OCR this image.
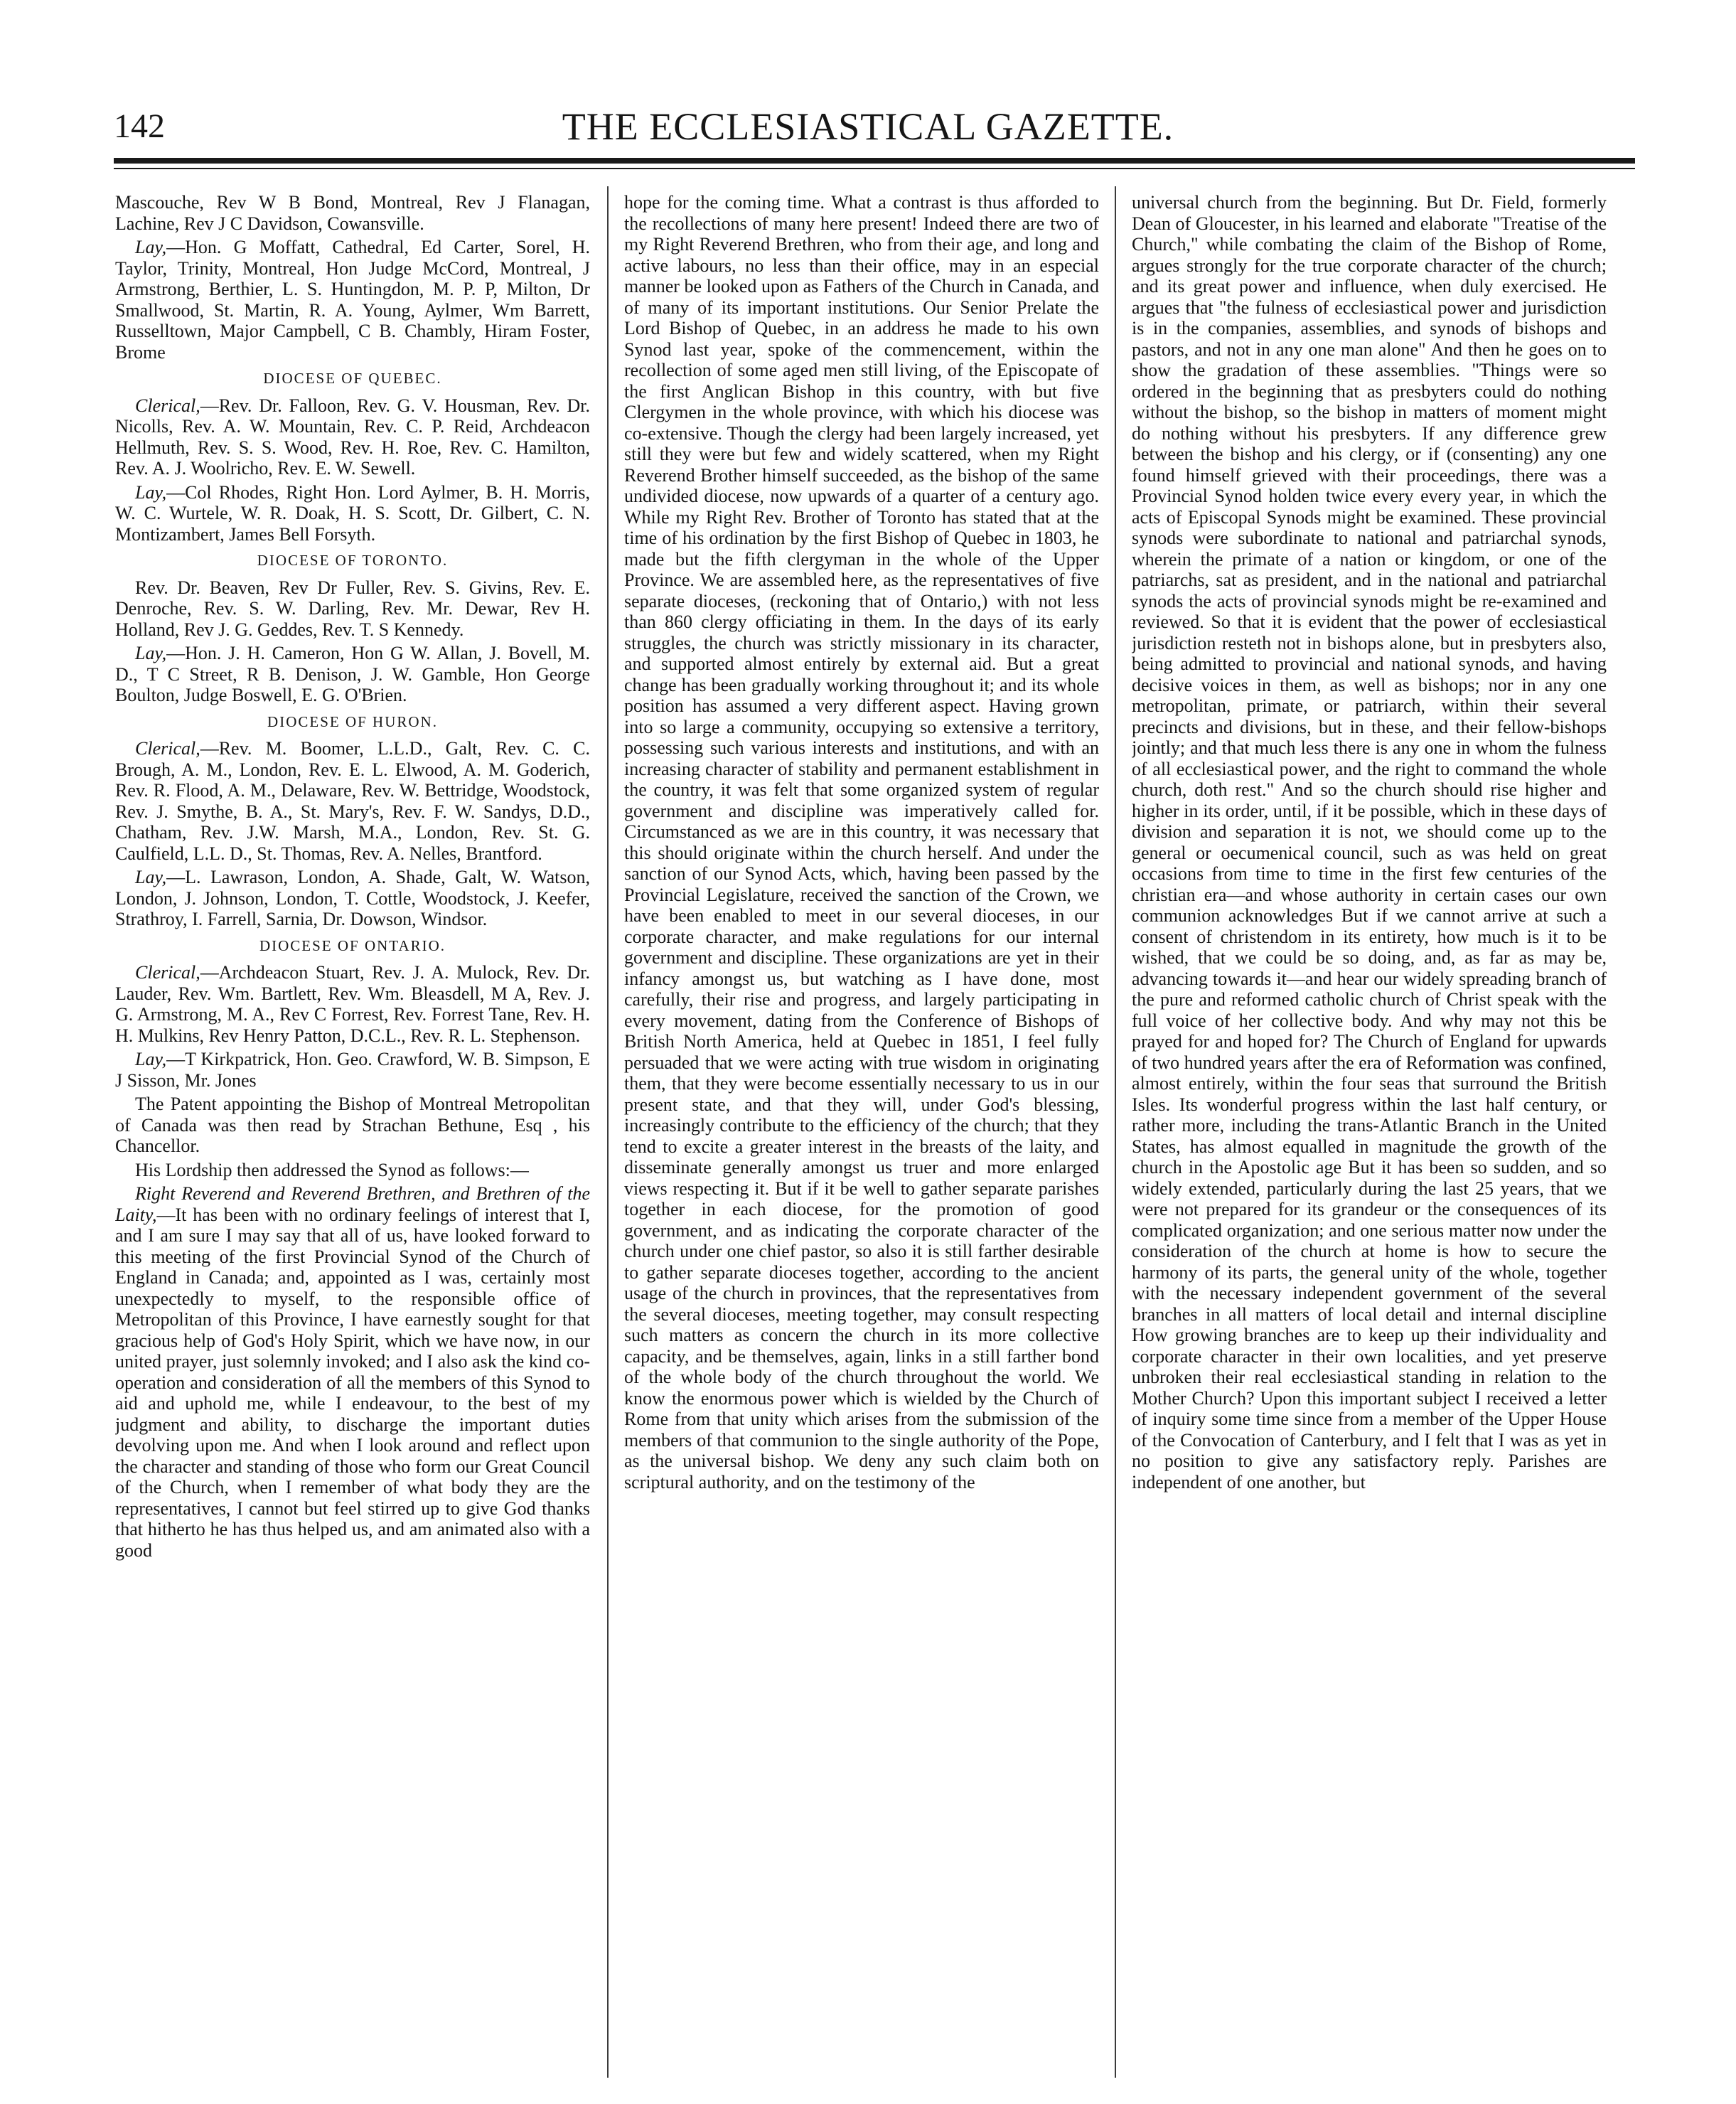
142	THE ECCLESIASTICAL GAZETTE.

Mascouche, Rev W B Bond, Montreal, Rev J Flanagan, Lachine, Rev J C Davidson, Cowansville.

Lay,—Hon. G Moffatt, Cathedral, Ed Carter, Sorel, H. Taylor, Trinity, Montreal, Hon Judge McCord, Montreal, J Armstrong, Berthier, L. S. Huntingdon, M. P. P, Milton, Dr Smallwood, St. Martin, R. A. Young, Aylmer, Wm Barrett, Russelltown, Major Campbell, C B. Chambly, Hiram Foster, Brome

DIOCESE OF QUEBEC.

Clerical,—Rev. Dr. Falloon, Rev. G. V. Housman, Rev. Dr. Nicolls, Rev. A. W. Mountain, Rev. C. P. Reid, Archdeacon Hellmuth, Rev. S. S. Wood, Rev. H. Roe, Rev. C. Hamilton, Rev. A. J. Woolricho, Rev. E. W. Sewell.

Lay,—Col Rhodes, Right Hon. Lord Aylmer, B. H. Morris, W. C. Wurtele, W. R. Doak, H. S. Scott, Dr. Gilbert, C. N. Montizambert, James Bell Forsyth.

DIOCESE OF TORONTO.

Rev. Dr. Beaven, Rev Dr Fuller, Rev. S. Givins, Rev. E. Denroche, Rev. S. W. Darling, Rev. Mr. Dewar, Rev H. Holland, Rev J. G. Geddes, Rev. T. S Kennedy.

Lay,—Hon. J. H. Cameron, Hon G W. Allan, J. Bovell, M. D., T C Street, R B. Denison, J. W. Gamble, Hon George Boulton, Judge Boswell, E. G. O'Brien.

DIOCESE OF HURON.

Clerical,—Rev. M. Boomer, L.L.D., Galt, Rev. C. C. Brough, A. M., London, Rev. E. L. Elwood, A. M. Goderich, Rev. R. Flood, A. M., Delaware, Rev. W. Bettridge, Woodstock, Rev. J. Smythe, B. A., St. Mary's, Rev. F. W. Sandys, D.D., Chatham, Rev. J.W. Marsh, M.A., London, Rev. St. G. Caulfield, L.L. D., St. Thomas, Rev. A. Nelles, Brantford.

Lay,—L. Lawrason, London, A. Shade, Galt, W. Watson, London, J. Johnson, London, T. Cottle, Woodstock, J. Keefer, Strathroy, I. Farrell, Sarnia, Dr. Dowson, Windsor.

DIOCESE OF ONTARIO.

Clerical,—Archdeacon Stuart, Rev. J. A. Mulock, Rev. Dr. Lauder, Rev. Wm. Bartlett, Rev. Wm. Bleasdell, M A, Rev. J. G. Armstrong, M. A., Rev C Forrest, Rev. Forrest Tane, Rev. H. H. Mulkins, Rev Henry Patton, D.C.L., Rev. R. L. Stephenson.

Lay,—T Kirkpatrick, Hon. Geo. Crawford, W. B. Simpson, E J Sisson, Mr. Jones

The Patent appointing the Bishop of Montreal Metropolitan of Canada was then read by Strachan Bethune, Esq , his Chancellor.

His Lordship then addressed the Synod as follows:—

Right Reverend and Reverend Brethren, and Brethren of the Laity,—It has been with no ordinary feelings of interest that I, and I am sure I may say that all of us, have looked forward to this meeting of the first Provincial Synod of the Church of England in Canada; and, appointed as I was, certainly most unexpectedly to myself, to the responsible office of Metropolitan of this Province, I have earnestly sought for that gracious help of God's Holy Spirit, which we have now, in our united prayer, just solemnly invoked; and I also ask the kind co-operation and consideration of all the members of this Synod to aid and uphold me, while I endeavour, to the best of my judgment and ability, to discharge the important duties devolving upon me. And when I look around and reflect upon the character and standing of those who form our Great Council of the Church, when I remember of what body they are the representatives, I cannot but feel stirred up to give God thanks that hitherto he has thus helped us, and am animated also with a good

hope for the coming time. What a contrast is thus afforded to the recollections of many here present! Indeed there are two of my Right Reverend Brethren, who from their age, and long and active labours, no less than their office, may in an especial manner be looked upon as Fathers of the Church in Canada, and of many of its important institutions. Our Senior Prelate the Lord Bishop of Quebec, in an address he made to his own Synod last year, spoke of the commencement, within the recollection of some aged men still living, of the Episcopate of the first Anglican Bishop in this country, with but five Clergymen in the whole province, with which his diocese was co-extensive. Though the clergy had been largely increased, yet still they were but few and widely scattered, when my Right Reverend Brother himself succeeded, as the bishop of the same undivided diocese, now upwards of a quarter of a century ago. While my Right Rev. Brother of Toronto has stated that at the time of his ordination by the first Bishop of Quebec in 1803, he made but the fifth clergyman in the whole of the Upper Province. We are assembled here, as the representatives of five separate dioceses, (reckoning that of Ontario,) with not less than 860 clergy officiating in them. In the days of its early struggles, the church was strictly missionary in its character, and supported almost entirely by external aid. But a great change has been gradually working throughout it; and its whole position has assumed a very different aspect. Having grown into so large a community, occupying so extensive a territory, possessing such various interests and institutions, and with an increasing character of stability and permanent establishment in the country, it was felt that some organized system of regular government and discipline was imperatively called for. Circumstanced as we are in this country, it was necessary that this should originate within the church herself. And under the sanction of our Synod Acts, which, having been passed by the Provincial Legislature, received the sanction of the Crown, we have been enabled to meet in our several dioceses, in our corporate character, and make regulations for our internal government and discipline. These organizations are yet in their infancy amongst us, but watching as I have done, most carefully, their rise and progress, and largely participating in every movement, dating from the Conference of Bishops of British North America, held at Quebec in 1851, I feel fully persuaded that we were acting with true wisdom in originating them, that they were become essentially necessary to us in our present state, and that they will, under God's blessing, increasingly contribute to the efficiency of the church; that they tend to excite a greater interest in the breasts of the laity, and disseminate generally amongst us truer and more enlarged views respecting it. But if it be well to gather separate parishes together in each diocese, for the promotion of good government, and as indicating the corporate character of the church under one chief pastor, so also it is still farther desirable to gather separate dioceses together, according to the ancient usage of the church in provinces, that the representatives from the several dioceses, meeting together, may consult respecting such matters as concern the church in its more collective capacity, and be themselves, again, links in a still farther bond of the whole body of the church throughout the world. We know the enormous power which is wielded by the Church of Rome from that unity which arises from the submission of the members of that communion to the single authority of the Pope, as the universal bishop. We deny any such claim both on scriptural authority, and on the testimony of the

universal church from the beginning. But Dr. Field, formerly Dean of Gloucester, in his learned and elaborate "Treatise of the Church," while combating the claim of the Bishop of Rome, argues strongly for the true corporate character of the church; and its great power and influence, when duly exercised. He argues that "the fulness of ecclesiastical power and jurisdiction is in the companies, assemblies, and synods of bishops and pastors, and not in any one man alone" And then he goes on to show the gradation of these assemblies. "Things were so ordered in the beginning that as presbyters could do nothing without the bishop, so the bishop in matters of moment might do nothing without his presbyters. If any difference grew between the bishop and his clergy, or if (consenting) any one found himself grieved with their proceedings, there was a Provincial Synod holden twice every every year, in which the acts of Episcopal Synods might be examined. These provincial synods were subordinate to national and patriarchal synods, wherein the primate of a nation or kingdom, or one of the patriarchs, sat as president, and in the national and patriarchal synods the acts of provincial synods might be re-examined and reviewed. So that it is evident that the power of ecclesiastical jurisdiction resteth not in bishops alone, but in presbyters also, being admitted to provincial and national synods, and having decisive voices in them, as well as bishops; nor in any one metropolitan, primate, or patriarch, within their several precincts and divisions, but in these, and their fellow-bishops jointly; and that much less there is any one in whom the fulness of all ecclesiastical power, and the right to command the whole church, doth rest." And so the church should rise higher and higher in its order, until, if it be possible, which in these days of division and separation it is not, we should come up to the general or oecumenical council, such as was held on great occasions from time to time in the first few centuries of the christian era—and whose authority in certain cases our own communion acknowledges But if we cannot arrive at such a consent of christendom in its entirety, how much is it to be wished, that we could be so doing, and, as far as may be, advancing towards it—and hear our widely spreading branch of the pure and reformed catholic church of Christ speak with the full voice of her collective body. And why may not this be prayed for and hoped for? The Church of England for upwards of two hundred years after the era of Reformation was confined, almost entirely, within the four seas that surround the British Isles. Its wonderful progress within the last half century, or rather more, including the trans-Atlantic Branch in the United States, has almost equalled in magnitude the growth of the church in the Apostolic age But it has been so sudden, and so widely extended, particularly during the last 25 years, that we were not prepared for its grandeur or the consequences of its complicated organization; and one serious matter now under the consideration of the church at home is how to secure the harmony of its parts, the general unity of the whole, together with the necessary independent government of the several branches in all matters of local detail and internal discipline How growing branches are to keep up their individuality and corporate character in their own localities, and yet preserve unbroken their real ecclesiastical standing in relation to the Mother Church? Upon this important subject I received a letter of inquiry some time since from a member of the Upper House of the Convocation of Canterbury, and I felt that I was as yet in no position to give any satisfactory reply. Parishes are independent of one another, but
